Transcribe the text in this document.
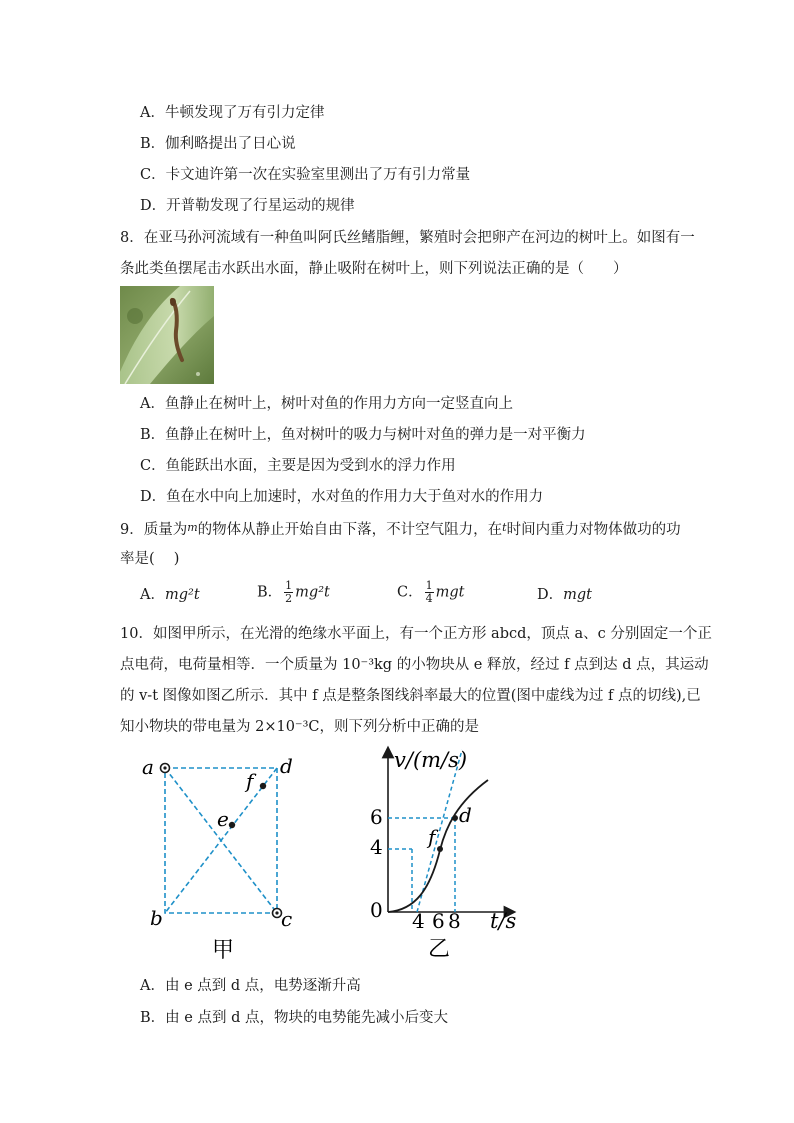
A．牛顿发现了万有引力定律
B．伽利略提出了日心说
C．卡文迪许第一次在实验室里测出了万有引力常量
D．开普勒发现了行星运动的规律
8．在亚马孙河流域有一种鱼叫阿氏丝鳍脂鲤，繁殖时会把卵产在河边的树叶上。如图有一
条此类鱼摆尾击水跃出水面，静止吸附在树叶上，则下列说法正确的是（　　）
A．鱼静止在树叶上，树叶对鱼的作用力方向一定竖直向上
B．鱼静止在树叶上，鱼对树叶的吸力与树叶对鱼的弹力是一对平衡力
C．鱼能跃出水面，主要是因为受到水的浮力作用
D．鱼在水中向上加速时，水对鱼的作用力大于鱼对水的作用力
9．质量为$^m$的物体从静止开始自由下落，不计空气阻力，在$^t$时间内重力对物体做功的功
率是(　 )
A．mg²t	B． $\frac{1}{2} mg^2t$	C． $\frac{1}{4}$ mgt	D．mgt
10．如图甲所示，在光滑的绝缘水平面上，有一个正方形 abcd，顶点 a、c 分别固定一个正
点电荷，电荷量相等．一个质量为 10⁻³kg 的小物块从 e 释放，经过 f 点到达 d 点，其运动
的 v-t 图像如图乙所示．其中 f 点是整条图线斜率最大的位置(图中虚线为过 f 点的切线),已
知小物块的带电量为 2×10⁻³C，则下列分析中正确的是
a	d
f
e
b	c
甲
v/(m/s)
t/s
0
4
6
4 6 8
f
d
乙
A．由 e 点到 d 点，电势逐渐升高
B．由 e 点到 d 点，物块的电势能先减小后变大
